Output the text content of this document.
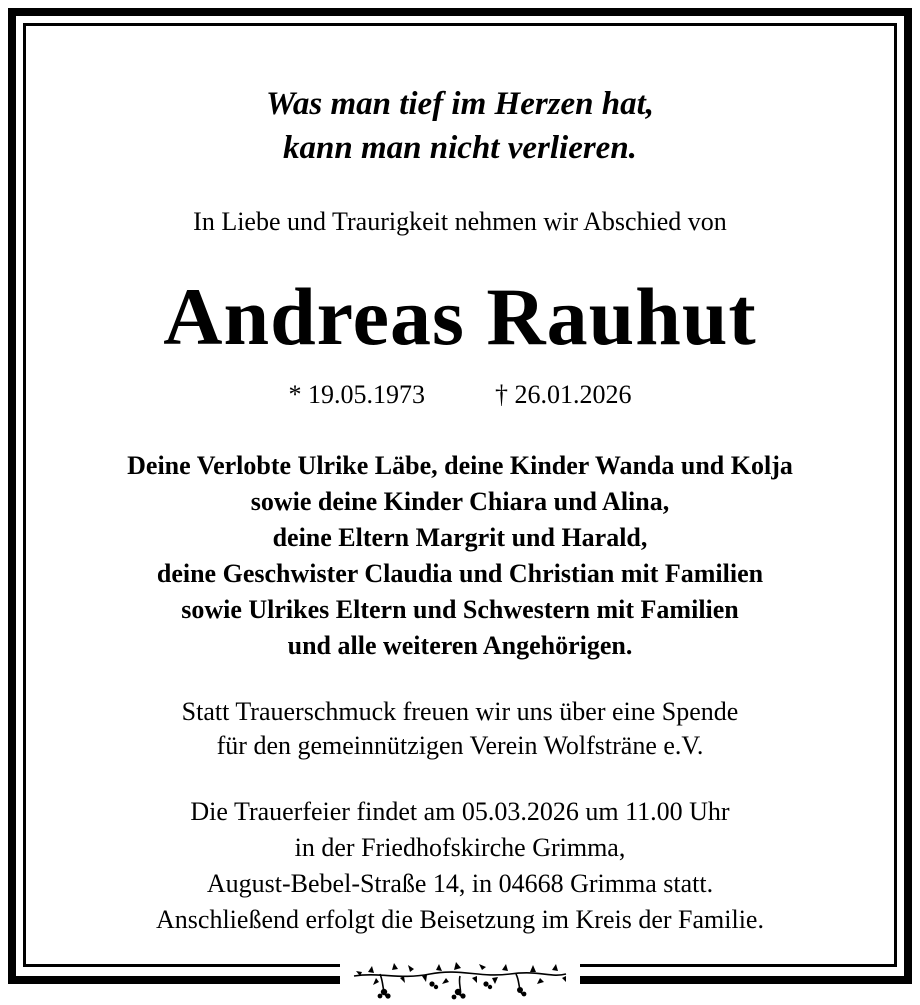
Was man tief im Herzen hat,
kann man nicht verlieren.
In Liebe und Traurigkeit nehmen wir Abschied von
Andreas Rauhut
* 19.05.1973	† 26.01.2026
Deine Verlobte Ulrike Läbe, deine Kinder Wanda und Kolja
sowie deine Kinder Chiara und Alina,
deine Eltern Margrit und Harald,
deine Geschwister Claudia und Christian mit Familien
sowie Ulrikes Eltern und Schwestern mit Familien
und alle weiteren Angehörigen.
Statt Trauerschmuck freuen wir uns über eine Spende
für den gemeinnützigen Verein Wolfsträne e.V.
Die Trauerfeier findet am 05.03.2026 um 11.00 Uhr
in der Friedhofskirche Grimma,
August-Bebel-Straße 14, in 04668 Grimma statt.
Anschließend erfolgt die Beisetzung im Kreis der Familie.
